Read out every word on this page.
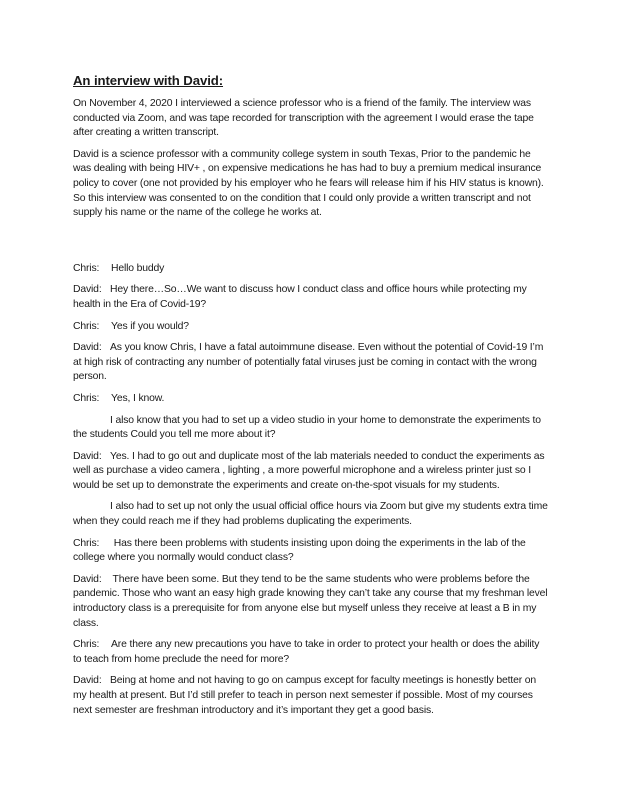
An interview with David:

On November 4, 2020 I interviewed a science professor who is a friend of the family. The interview was conducted via Zoom, and was tape recorded for transcription with the agreement I would erase the tape after creating a written transcript.

David is a science professor with a community college system in south Texas, Prior to the pandemic he was dealing with being HIV+ , on expensive medications he has had to buy a premium medical insurance policy to cover (one not provided by his employer who he fears will release him if his HIV status is known). So this interview was consented to on the condition that I could only provide a written transcript and not supply his name or the name of the college he works at.

Chris: Hello buddy

David: Hey there…So…We want to discuss how I conduct class and office hours while protecting my health in the Era of Covid-19?

Chris: Yes if you would?

David: As you know Chris, I have a fatal autoimmune disease. Even without the potential of Covid-19 I’m at high risk of contracting any number of potentially fatal viruses just be coming in contact with the wrong person.

Chris: Yes, I know.

I also know that you had to set up a video studio in your home to demonstrate the experiments to the students Could you tell me more about it?

David: Yes. I had to go out and duplicate most of the lab materials needed to conduct the experiments as well as purchase a video camera , lighting , a more powerful microphone and a wireless printer just so I would be set up to demonstrate the experiments and create on-the-spot visuals for my students.

I also had to set up not only the usual official office hours via Zoom but give my students extra time when they could reach me if they had problems duplicating the experiments.

Chris: Has there been problems with students insisting upon doing the experiments in the lab of the college where you normally would conduct class?

David: There have been some. But they tend to be the same students who were problems before the pandemic. Those who want an easy high grade knowing they can’t take any course that my freshman level introductory class is a prerequisite for from anyone else but myself unless they receive at least a B in my class.

Chris: Are there any new precautions you have to take in order to protect your health or does the ability to teach from home preclude the need for more?

David: Being at home and not having to go on campus except for faculty meetings is honestly better on my health at present. But I’d still prefer to teach in person next semester if possible. Most of my courses next semester are freshman introductory and it’s important they get a good basis.
